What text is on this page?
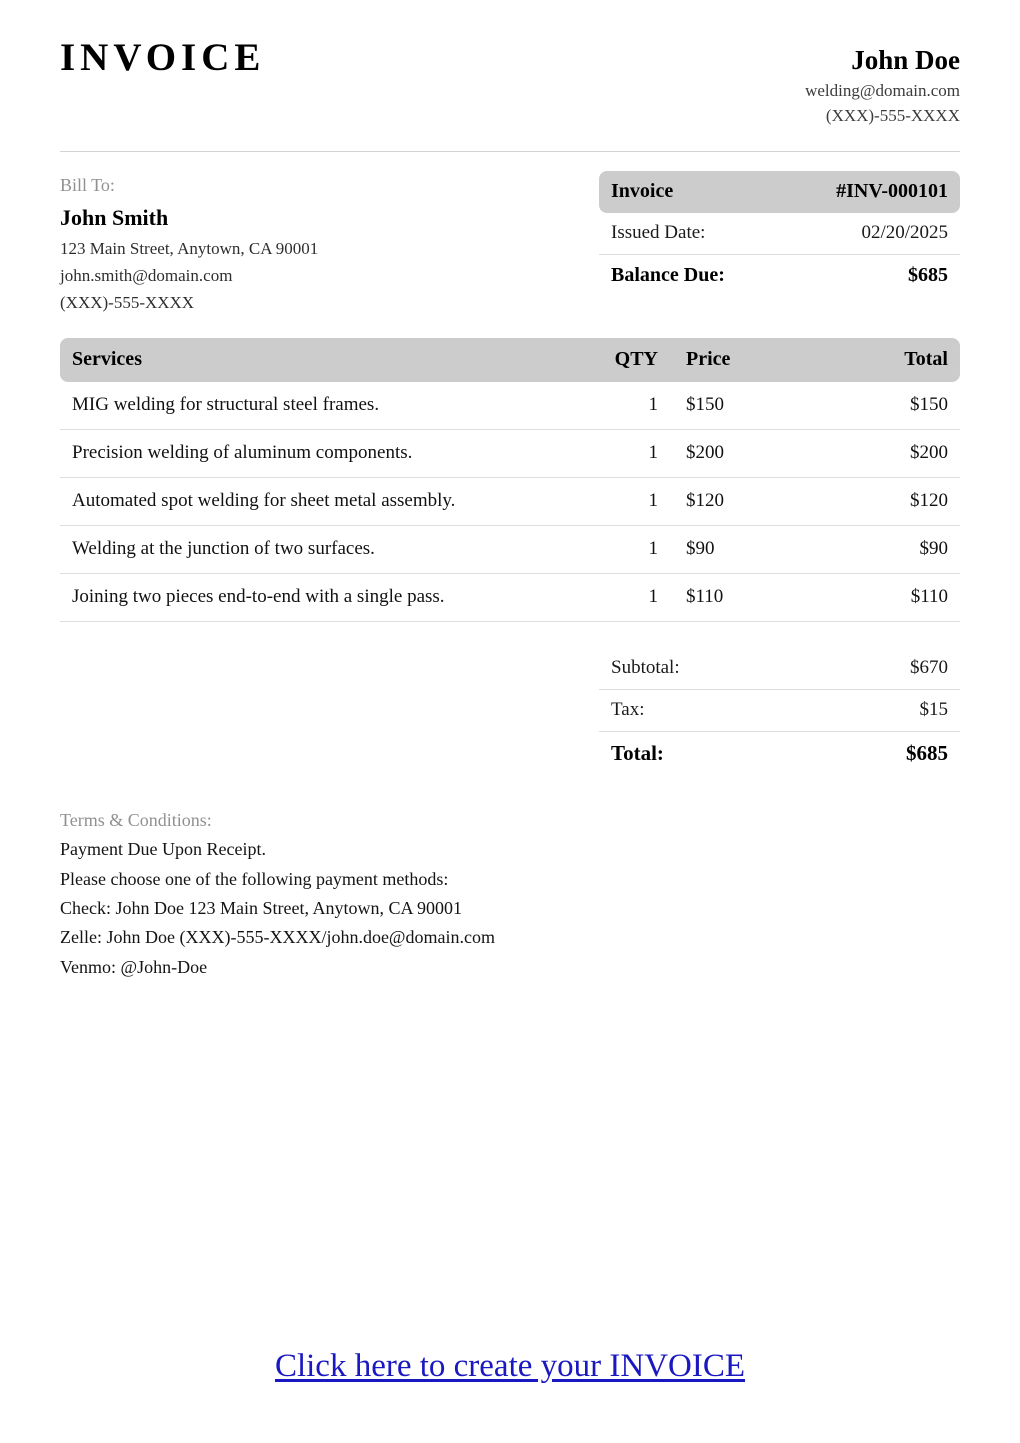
INVOICE	John Doe
welding@domain.com
(XXX)-555-XXXX
Bill To:
John Smith
123 Main Street, Anytown, CA 90001
john.smith@domain.com
(XXX)-555-XXXX
Invoice	#INV-000101
Issued Date:	02/20/2025
Balance Due:	$685
Services	QTY	Price	Total
MIG welding for structural steel frames.	1	$150	$150
Precision welding of aluminum components.	1	$200	$200
Automated spot welding for sheet metal assembly.	1	$120	$120
Welding at the junction of two surfaces.	1	$90	$90
Joining two pieces end-to-end with a single pass.	1	$110	$110
Subtotal:	$670
Tax:	$15
Total:	$685
Terms & Conditions:
Payment Due Upon Receipt.
Please choose one of the following payment methods:
Check: John Doe 123 Main Street, Anytown, CA 90001
Zelle: John Doe (XXX)-555-XXXX/john.doe@domain.com
Venmo: @John-Doe
Click here to create your INVOICE
